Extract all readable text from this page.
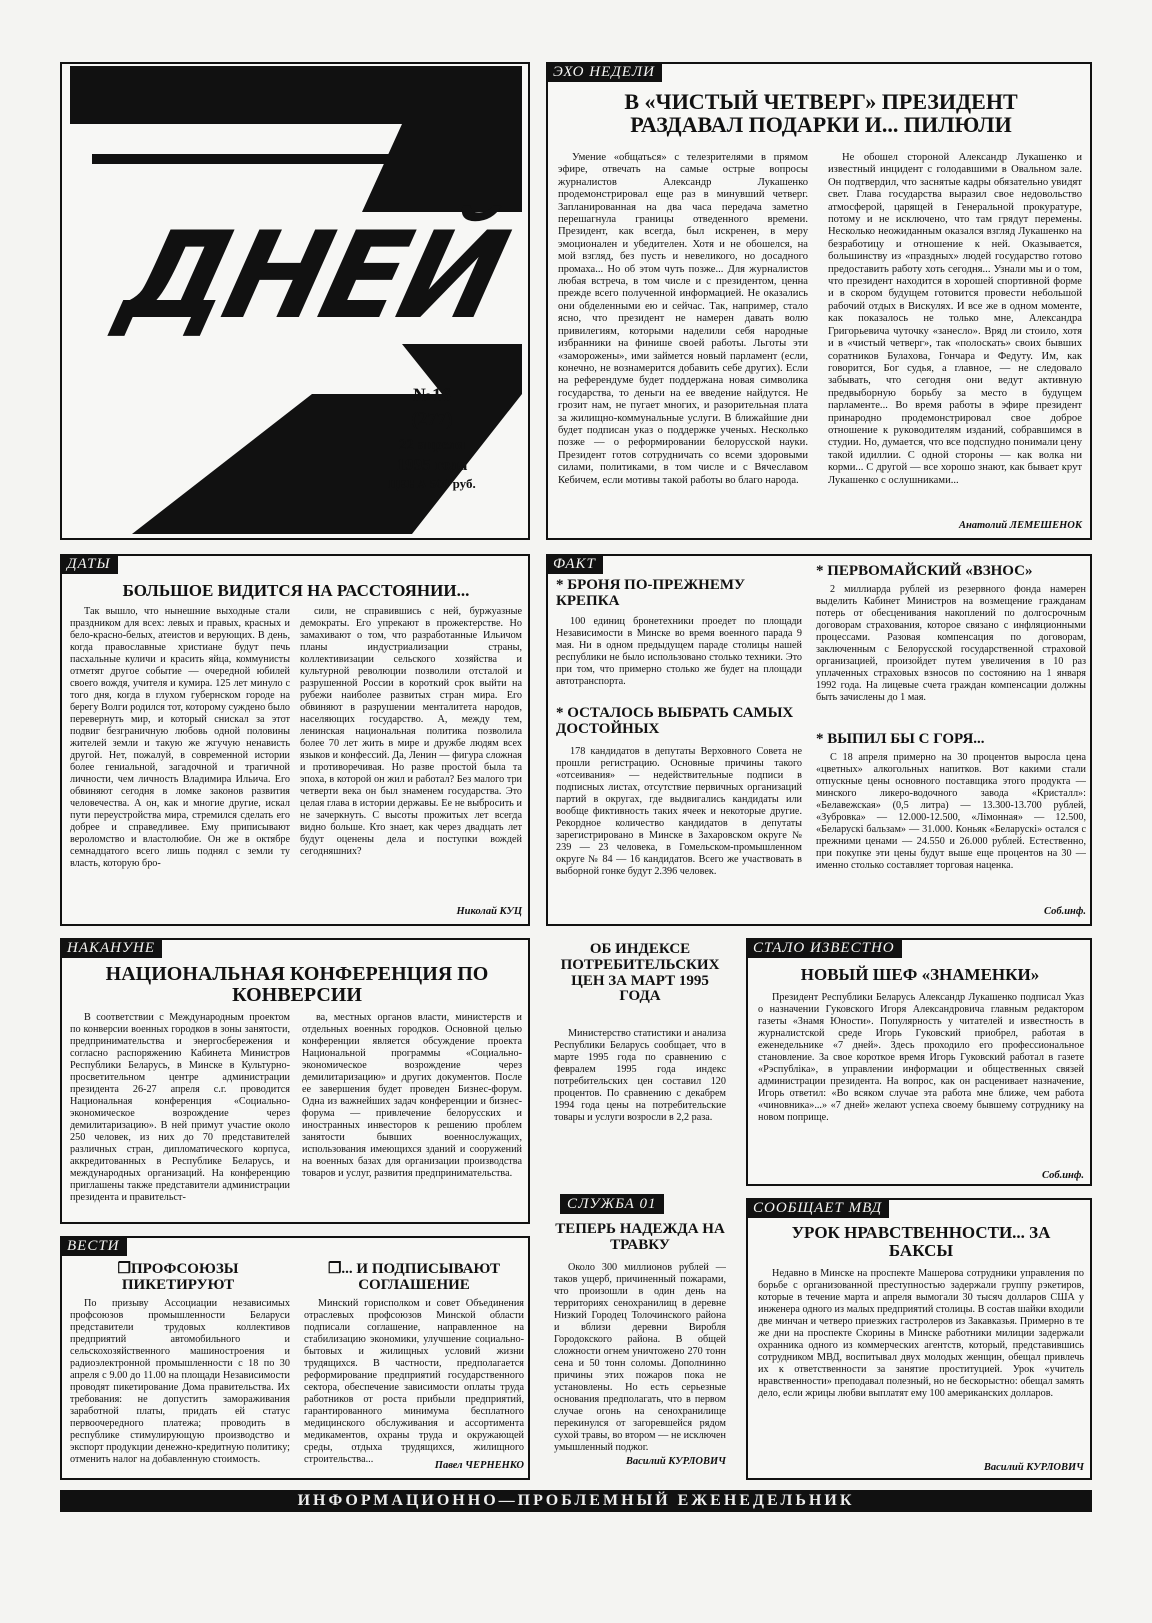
ДНЕЙ
№16
(277)
22 апреля
1995 года
ЦЕНА 500 руб.
ЭХО НЕДЕЛИ
В «ЧИСТЫЙ ЧЕТВЕРГ» ПРЕЗИДЕНТ РАЗДАВАЛ ПОДАРКИ И... ПИЛЮЛИ

Умение «общаться» с телезрителями в прямом эфире, отвечать на самые острые вопросы журналистов Александр Лукашенко продемонстрировал еще раз в минувший четверг. Запланированная на два часа передача заметно перешагнула границы отведенного времени. Президент, как всегда, был искренен, в меру эмоционален и убедителен. Хотя и не обошелся, на мой взгляд, без пусть и невеликого, но досадного промаха... Но об этом чуть позже... Для журналистов любая встреча, в том числе и с президентом, ценна прежде всего полученной информацией. Не оказались они обделенными ею и сейчас. Так, например, стало ясно, что президент не намерен давать волю привилегиям, которыми наделили себя народные избранники на финише своей работы. Льготы эти «заморожены», ими займется новый парламент (если, конечно, не вознамерится добавить себе других). Если на референдуме будет поддержана новая символика государства, то деньги на ее введение найдутся. Не грозит нам, не пугает многих, и разорительная плата за жилищно-коммунальные услуги. В ближайшие дни будет подписан указ о поддержке ученых. Несколько позже — о реформировании белорусской науки. Президент готов сотрудничать со всеми здоровыми силами, политиками, в том числе и с Вячеславом Кебичем, если мотивы такой работы во благо народа.

Не обошел стороной Александр Лукашенко и известный инцидент с голодавшими в Овальном зале. Он подтвердил, что заснятые кадры обязательно увидят свет. Глава государства выразил свое недовольство атмосферой, царящей в Генеральной прокуратуре, потому и не исключено, что там грядут перемены. Несколько неожиданным оказался взгляд Лукашенко на безработицу и отношение к ней. Оказывается, большинству из «праздных» людей государство готово предоставить работу хоть сегодня... Узнали мы и о том, что президент находится в хорошей спортивной форме и в скором будущем готовится провести небольшой рабочий отдых в Вискулях. И все же в одном моменте, как показалось не только мне, Александра Григорьевича чуточку «занесло». Вряд ли стоило, хотя и в «чистый четверг», так «полоскать» своих бывших соратников Булахова, Гончара и Федуту. Им, как говорится, Бог судья, а главное, — не следовало забывать, что сегодня они ведут активную предвыборную борьбу за место в будущем парламенте... Во время работы в эфире президент принародно продемонстрировал свое доброе отношение к руководителям изданий, собравшимся в студии. Но, думается, что все подспудно понимали цену такой идиллии. С одной стороны — как волка ни корми... С другой — все хорошо знают, как бывает крут Лукашенко с ослушниками...

Анатолий ЛЕМЕШЕНОК
ДАТЫ
БОЛЬШОЕ ВИДИТСЯ НА РАССТОЯНИИ...

Так вышло, что нынешние выходные стали праздником для всех: левых и правых, красных и бело-красно-белых, атеистов и верующих. В день, когда православные христиане будут печь пасхальные куличи и красить яйца, коммунисты отметят другое событие — очередной юбилей своего вождя, учителя и кумира. 125 лет минуло с того дня, когда в глухом губернском городе на берегу Волги родился тот, которому суждено было перевернуть мир, и который снискал за этот подвиг безграничную любовь одной половины жителей земли и такую же жгучую ненависть другой. Нет, пожалуй, в современной истории более гениальной, загадочной и трагичной личности, чем личность Владимира Ильича. Его обвиняют сегодня в ломке законов развития человечества. А он, как и многие другие, искал пути переустройства мира, стремился сделать его добрее и справедливее. Ему приписывают вероломство и властолюбие. Он же в октябре семнадцатого всего лишь поднял с земли ту власть, которую бро-

сили, не справившись с ней, буржуазные демократы. Его упрекают в прожектерстве. Но замахивают о том, что разработанные Ильичом планы индустриализации страны, коллективизации сельского хозяйства и культурной революции позволили отсталой и разрушенной России в короткий срок выйти на рубежи наиболее развитых стран мира. Его обвиняют в разрушении менталитета народов, населяющих государство. А, между тем, ленинская национальная политика позволила более 70 лет жить в мире и дружбе людям всех языков и конфессий. Да, Ленин — фигура сложная и противоречивая. Но разве простой была та эпоха, в которой он жил и работал? Без малого три четверти века он был знаменем государства. Это целая глава в истории державы. Ее не выбросить и не зачеркнуть. С высоты прожитых лет всегда видно больше. Кто знает, как через двадцать лет будут оценены дела и поступки вождей сегодняшних?

Николай КУЦ
ФАКТ
* БРОНЯ ПО-ПРЕЖНЕМУ КРЕПКА

100 единиц бронетехники проедет по площади Независимости в Минске во время военного парада 9 мая. Ни в одном предыдущем параде столицы нашей республики не было использовано столько техники. Это при том, что примерно столько же будет на площади автотранспорта.

* ОСТАЛОСЬ ВЫБРАТЬ САМЫХ ДОСТОЙНЫХ

178 кандидатов в депутаты Верховного Совета не прошли регистрацию. Основные причины такого «отсеивания» — недействительные подписи в подписных листах, отсутствие первичных организаций партий в округах, где выдвигались кандидаты или вообще фиктивность таких ячеек и некоторые другие. Рекордное количество кандидатов в депутаты зарегистрировано в Минске в Захаровском округе № 239 — 23 человека, в Гомельском-промышленном округе № 84 — 16 кандидатов. Всего же участвовать в выборной гонке будут 2.396 человек.

* ПЕРВОМАЙСКИЙ «ВЗНОС»

2 миллиарда рублей из резервного фонда намерен выделить Кабинет Министров на возмещение гражданам потерь от обесценивания накоплений по долгосрочным договорам страхования, которое связано с инфляционными процессами. Разовая компенсация по договорам, заключенным с Белорусской государственной страховой организацией, произойдет путем увеличения в 10 раз уплаченных страховых взносов по состоянию на 1 января 1992 года. На лицевые счета граждан компенсации должны быть зачислены до 1 мая.

* ВЫПИЛ БЫ С ГОРЯ...

С 18 апреля примерно на 30 процентов выросла цена «цветных» алкогольных напитков. Вот какими стали отпускные цены основного поставщика этого продукта — минского ликеро-водочного завода «Кристалл»: «Белавежская» (0,5 литра) — 13.300-13.700 рублей, «Зубровка» — 12.000-12.500, «Лімонная» — 12.500, «Беларускі бальзам» — 31.000. Коньяк «Беларускі» остался с прежними ценами — 24.550 и 26.000 рублей. Естественно, при покупке эти цены будут выше еще процентов на 30 — именно столько составляет торговая наценка.

Соб.инф.
НАКАНУНЕ
НАЦИОНАЛЬНАЯ КОНФЕРЕНЦИЯ ПО КОНВЕРСИИ

В соответствии с Международным проектом по конверсии военных городков в зоны занятости, предпринимательства и энергосбережения и согласно распоряжению Кабинета Министров Республики Беларусь, в Минске в Культурно-просветительном центре администрации президента 26-27 апреля с.г. проводится Национальная конференция «Социально-экономическое возрождение через демилитаризацию». В ней примут участие около 250 человек, из них до 70 представителей различных стран, дипломатического корпуса, аккредитованных в Республике Беларусь, и международных организаций. На конференцию приглашены также представители администрации президента и правительст-

ва, местных органов власти, министерств и отдельных военных городков. Основной целью конференции является обсуждение проекта Национальной программы «Социально-экономическое возрождение через демилитаризацию» и других документов. После ее завершения будет проведен Бизнес-форум. Одна из важнейших задач конференции и бизнес-форума — привлечение белорусских и иностранных инвесторов к решению проблем занятости бывших военнослужащих, использования имеющихся зданий и сооружений на военных базах для организации производства товаров и услуг, развития предпринимательства.

ОБ ИНДЕКСЕ ПОТРЕБИТЕЛЬСКИХ ЦЕН ЗА МАРТ 1995 ГОДА

Министерство статистики и анализа Республики Беларусь сообщает, что в марте 1995 года по сравнению с февралем 1995 года индекс потребительских цен составил 120 процентов. По сравнению с декабрем 1994 года цены на потребительские товары и услуги возросли в 2,2 раза.

СЛУЖБА 01
ТЕПЕРЬ НАДЕЖДА НА ТРАВКУ

Около 300 миллионов рублей — таков ущерб, причиненный пожарами, что произошли в один день на территориях сенохранилищ в деревне Низкий Городец Толочинского района и вблизи деревни Виробля Городокского района. В общей сложности огнем уничтожено 270 тонн сена и 50 тонн соломы. Дополнинно причины этих пожаров пока не установлены. Но есть серьезные основания предполагать, что в первом случае огонь на сенохранилище перекинулся от загоревшейся рядом сухой травы, во втором — не исключен умышленный поджог.

Василий КУРЛОВИЧ
СТАЛО ИЗВЕСТНО
НОВЫЙ ШЕФ «ЗНАМЕНКИ»

Президент Республики Беларусь Александр Лукашенко подписал Указ о назначении Гуковского Игоря Александровича главным редактором газеты «Знамя Юности». Популярность у читателей и известность в журналистской среде Игорь Гуковский приобрел, работая в еженедельнике «7 дней». Здесь проходило его профессиональное становление. За свое короткое время Игорь Гуковский работал в газете «Рэспубліка», в управлении информации и общественных связей администрации президента. На вопрос, как он расценивает назначение, Игорь ответил: «Во всяком случае эта работа мне ближе, чем работа «чиновника»...» «7 дней» желают успеха своему бывшему сотруднику на новом поприще.

Соб.инф.
ВЕСТИ
❐ПРОФСОЮЗЫ ПИКЕТИРУЮТ

По призыву Ассоциации независимых профсоюзов промышленности Беларуси представители трудовых коллективов предприятий автомобильного и сельскохозяйственного машиностроения и радиоэлектронной промышленности с 18 по 30 апреля с 9.00 до 11.00 на площади Независимости проводят пикетирование Дома правительства. Их требования: не допустить замораживания заработной платы, придать ей статус первоочередного платежа; проводить в республике стимулирующую производство и экспорт продукции денежно-кредитную политику; отменить налог на добавленную стоимость.

❐... И ПОДПИСЫВАЮТ СОГЛАШЕНИЕ

Минский горисполком и совет Объединения отраслевых профсоюзов Минской области подписали соглашение, направленное на стабилизацию экономики, улучшение социально-бытовых и жилищных условий жизни трудящихся. В частности, предполагается реформирование предприятий государственного сектора, обеспечение зависимости оплаты труда работников от роста прибыли предприятий, гарантированного минимума бесплатного медицинского обслуживания и ассортимента медикаментов, охраны труда и окружающей среды, отдыха трудящихся, жилищного строительства...

Павел ЧЕРНЕНКО
СООБЩАЕТ МВД
УРОК НРАВСТВЕННОСТИ... ЗА БАКСЫ

Недавно в Минске на проспекте Машерова сотрудники управления по борьбе с организованной преступностью задержали группу рэкетиров, которые в течение марта и апреля вымогали 30 тысяч долларов США у инженера одного из малых предприятий столицы. В состав шайки входили две минчан и четверо приезжих гастролеров из Закавказья. Примерно в те же дни на проспекте Скорины в Минске работники милиции задержали охранника одного из коммерческих агентств, который, представившись сотрудником МВД, воспитывал двух молодых женщин, обещал привлечь их к ответственности за занятие проституцией. Урок «учитель нравственности» преподавал полезный, но не бескорыстно: обещал замять дело, если жрицы любви выплатят ему 100 американских долларов.

Василий КУРЛОВИЧ
ИНФОРМАЦИОННО—ПРОБЛЕМНЫЙ ЕЖЕНЕДЕЛЬНИК
